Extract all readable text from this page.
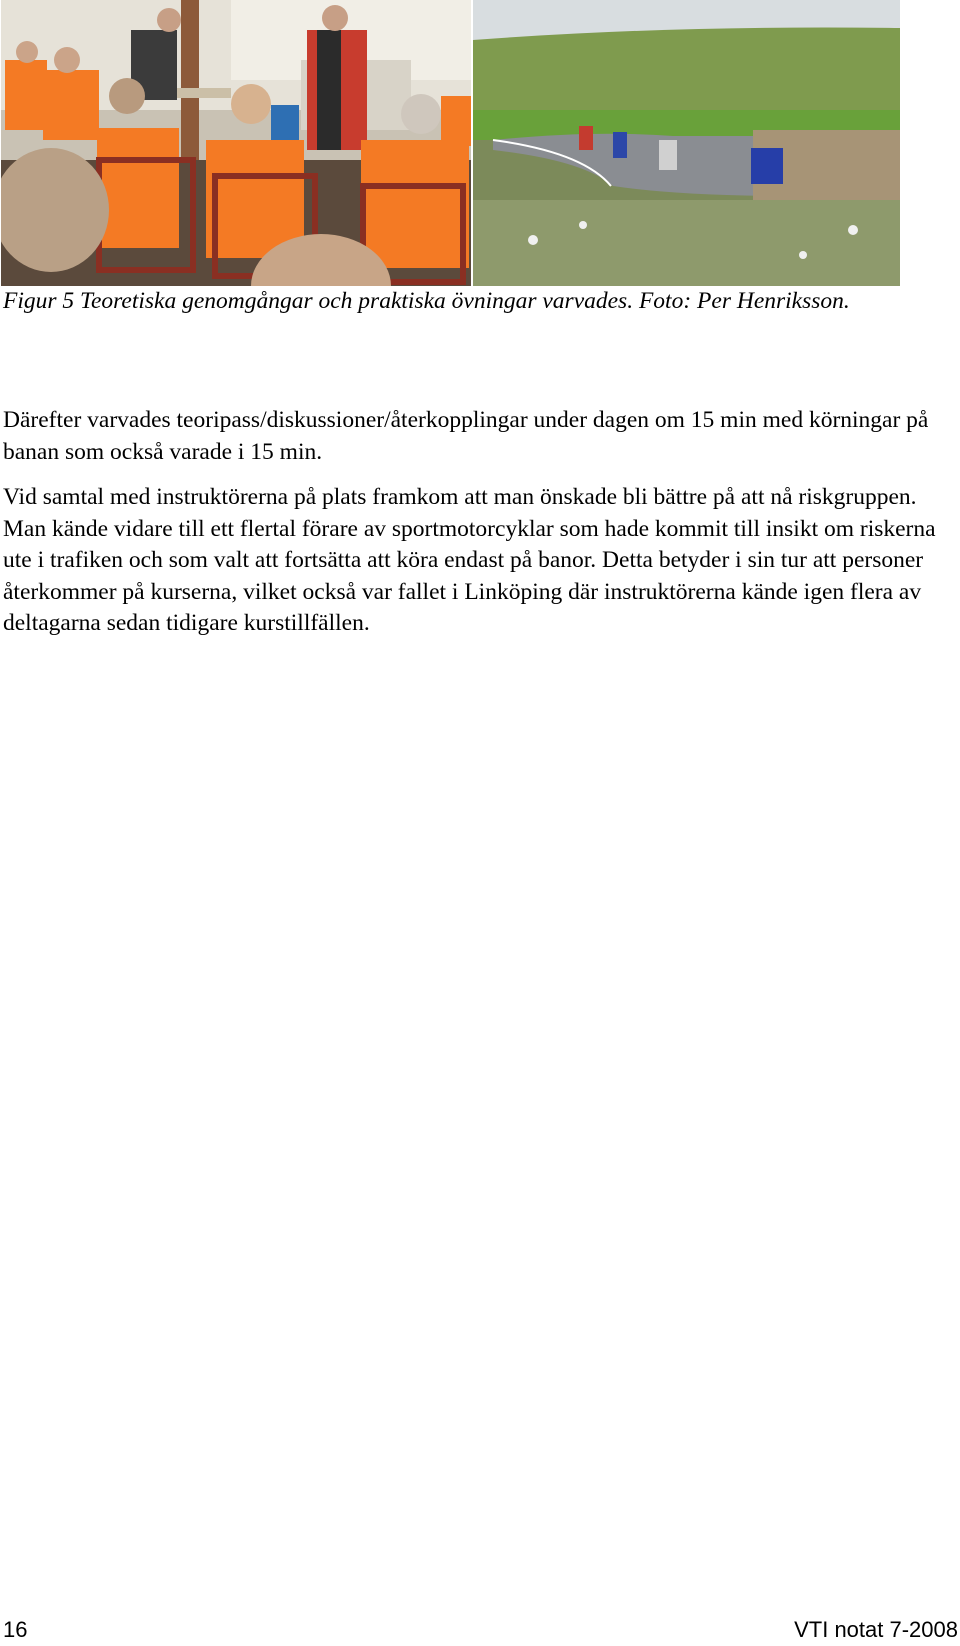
Figur 5 Teoretiska genomgångar och praktiska övningar varvades. Foto: Per Henriksson.

Därefter varvades teoripass/diskussioner/återkopplingar under dagen om 15 min med körningar på banan som också varade i 15 min.

Vid samtal med instruktörerna på plats framkom att man önskade bli bättre på att nå riskgruppen. Man kände vidare till ett flertal förare av sportmotorcyklar som hade kommit till insikt om riskerna ute i trafiken och som valt att fortsätta att köra endast på banor. Detta betyder i sin tur att personer återkommer på kurserna, vilket också var fallet i Linköping där instruktörerna kände igen flera av deltagarna sedan tidigare kurstillfällen.

16	VTI notat 7-2008
